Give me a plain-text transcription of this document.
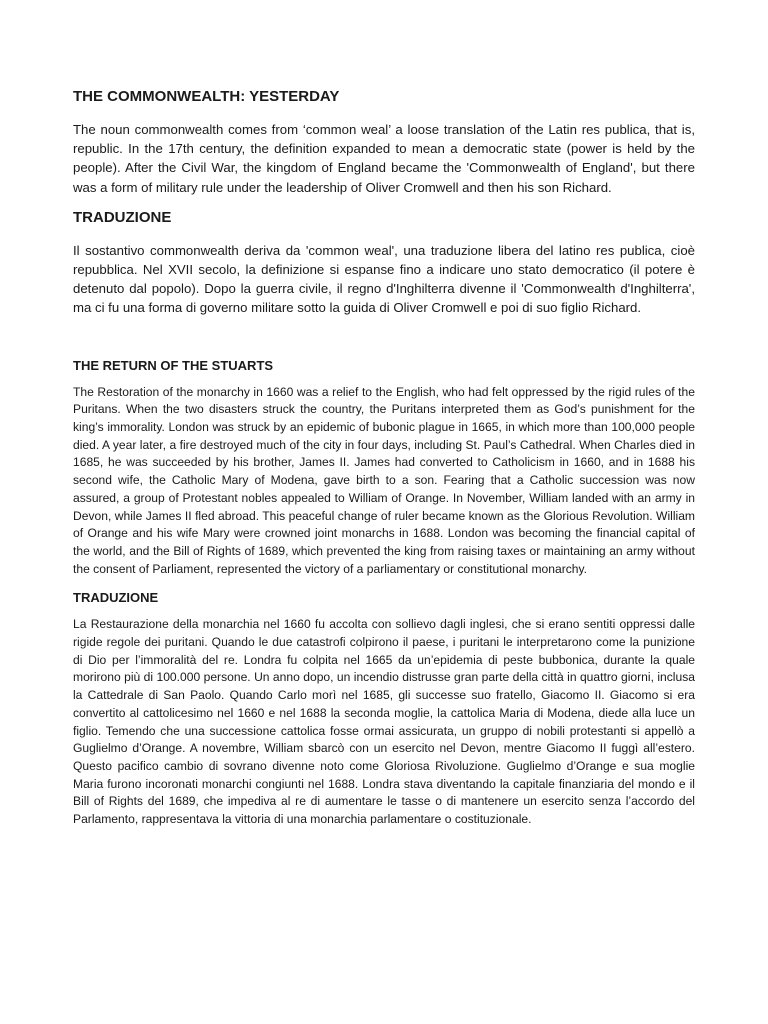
THE COMMONWEALTH: YESTERDAY

The noun commonwealth comes from ‘common weal’ a loose translation of the Latin res publica, that is, republic. In the 17th century, the definition expanded to mean a democratic state (power is held by the people). After the Civil War, the kingdom of England became the 'Commonwealth of England', but there was a form of military rule under the leadership of Oliver Cromwell and then his son Richard.

TRADUZIONE

Il sostantivo commonwealth deriva da 'common weal', una traduzione libera del latino res publica, cioè repubblica. Nel XVII secolo, la definizione si espanse fino a indicare uno stato democratico (il potere è detenuto dal popolo). Dopo la guerra civile, il regno d'Inghilterra divenne il 'Commonwealth d'Inghilterra', ma ci fu una forma di governo militare sotto la guida di Oliver Cromwell e poi di suo figlio Richard.

THE RETURN OF THE STUARTS

The Restoration of the monarchy in 1660 was a relief to the English, who had felt oppressed by the rigid rules of the Puritans. When the two disasters struck the country, the Puritans interpreted them as God’s punishment for the king’s immorality. London was struck by an epidemic of bubonic plague in 1665, in which more than 100,000 people died. A year later, a fire destroyed much of the city in four days, including St. Paul’s Cathedral. When Charles died in 1685, he was succeeded by his brother, James II. James had converted to Catholicism in 1660, and in 1688 his second wife, the Catholic Mary of Modena, gave birth to a son. Fearing that a Catholic succession was now assured, a group of Protestant nobles appealed to William of Orange. In November, William landed with an army in Devon, while James II fled abroad. This peaceful change of ruler became known as the Glorious Revolution. William of Orange and his wife Mary were crowned joint monarchs in 1688. London was becoming the financial capital of the world, and the Bill of Rights of 1689, which prevented the king from raising taxes or maintaining an army without the consent of Parliament, represented the victory of a parliamentary or constitutional monarchy.

TRADUZIONE

La Restaurazione della monarchia nel 1660 fu accolta con sollievo dagli inglesi, che si erano sentiti oppressi dalle rigide regole dei puritani. Quando le due catastrofi colpirono il paese, i puritani le interpretarono come la punizione di Dio per l’immoralità del re. Londra fu colpita nel 1665 da un’epidemia di peste bubbonica, durante la quale morirono più di 100.000 persone. Un anno dopo, un incendio distrusse gran parte della città in quattro giorni, inclusa la Cattedrale di San Paolo. Quando Carlo morì nel 1685, gli successe suo fratello, Giacomo II. Giacomo si era convertito al cattolicesimo nel 1660 e nel 1688 la seconda moglie, la cattolica Maria di Modena, diede alla luce un figlio. Temendo che una successione cattolica fosse ormai assicurata, un gruppo di nobili protestanti si appellò a Guglielmo d’Orange. A novembre, William sbarcò con un esercito nel Devon, mentre Giacomo II fuggì all’estero. Questo pacifico cambio di sovrano divenne noto come Gloriosa Rivoluzione. Guglielmo d’Orange e sua moglie Maria furono incoronati monarchi congiunti nel 1688. Londra stava diventando la capitale finanziaria del mondo e il Bill of Rights del 1689, che impediva al re di aumentare le tasse o di mantenere un esercito senza l’accordo del Parlamento, rappresentava la vittoria di una monarchia parlamentare o costituzionale.
